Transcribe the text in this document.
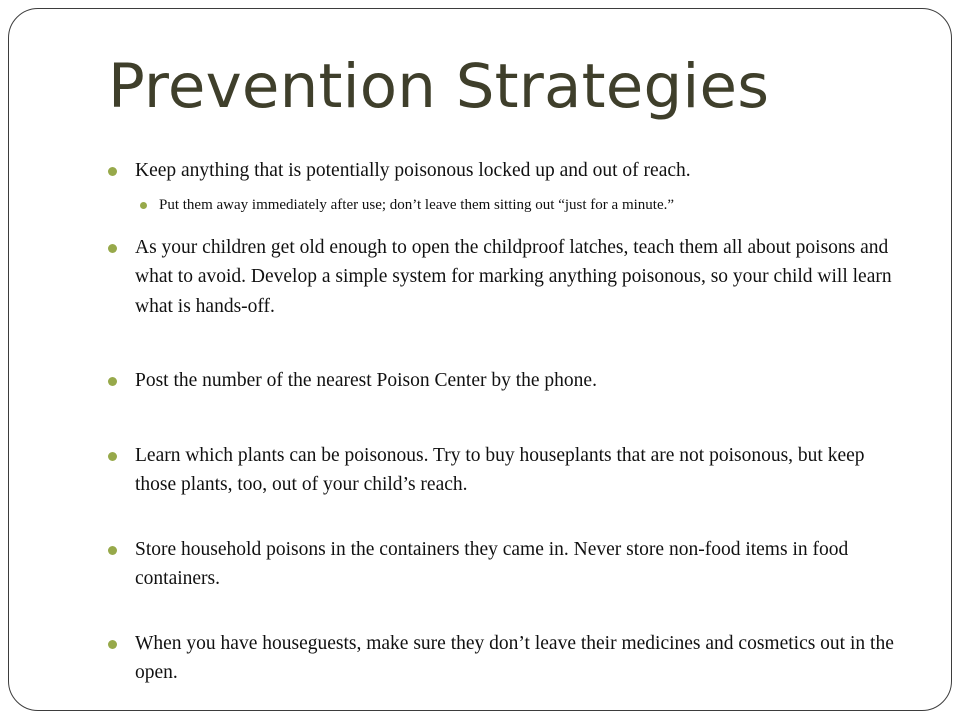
Prevention Strategies
Keep anything that is potentially poisonous locked up and out of reach.
Put them away immediately after use; don’t leave them sitting out “just for a minute.”
As your children get old enough to open the childproof latches, teach them all about poisons and what to avoid. Develop a simple system for marking anything poisonous, so your child will learn what is hands-off.
Post the number of the nearest Poison Center by the phone.
Learn which plants can be poisonous. Try to buy houseplants that are not poisonous, but keep those plants, too, out of your child’s reach.
Store household poisons in the containers they came in. Never store non-food items in food containers.
When you have houseguests, make sure they don’t leave their medicines and cosmetics out in the open.
